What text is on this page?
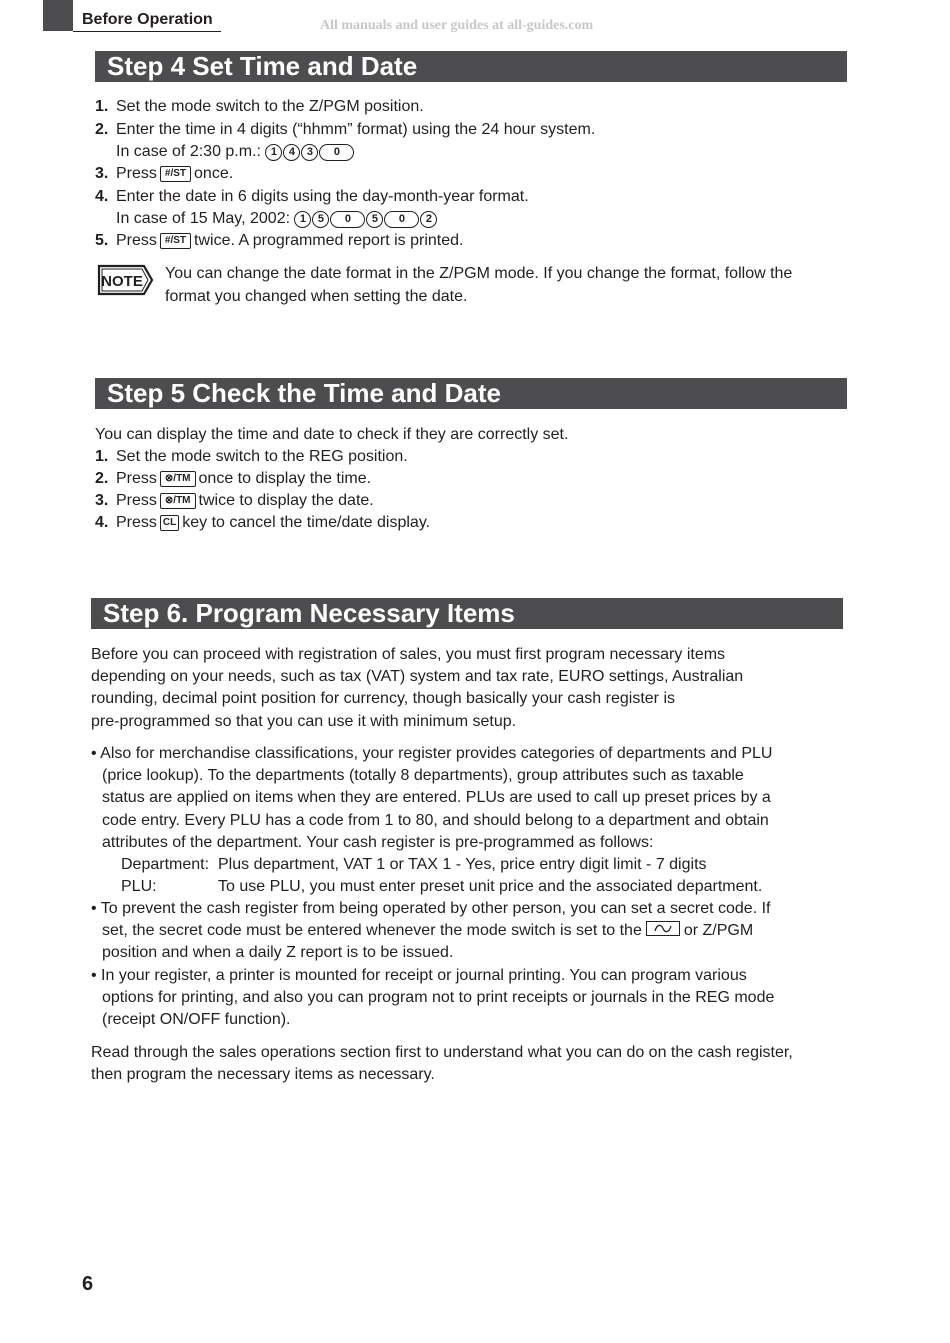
Before Operation	All manuals and user guides at all-guides.com
Step 4 Set Time and Date
1. Set the mode switch to the Z/PGM position.
2. Enter the time in 4 digits (“hhmm” format) using the 24 hour system.
In case of 2:30 p.m.: 1 4 3 0
3. Press #/ST once.
4. Enter the date in 6 digits using the day-month-year format.
In case of 15 May, 2002: 1 5 0 5 0 2
5. Press #/ST twice. A programmed report is printed.
NOTE You can change the date format in the Z/PGM mode. If you change the format, follow the
format you changed when setting the date.
Step 5 Check the Time and Date
You can display the time and date to check if they are correctly set.
1. Set the mode switch to the REG position.
2. Press ⊗/TM once to display the time.
3. Press ⊗/TM twice to display the date.
4. Press CL key to cancel the time/date display.
Step 6. Program Necessary Items
Before you can proceed with registration of sales, you must first program necessary items
depending on your needs, such as tax (VAT) system and tax rate, EURO settings, Australian
rounding, decimal point position for currency, though basically your cash register is
pre-programmed so that you can use it with minimum setup.
• Also for merchandise classifications, your register provides categories of departments and PLU
(price lookup). To the departments (totally 8 departments), group attributes such as taxable
status are applied on items when they are entered. PLUs are used to call up preset prices by a
code entry. Every PLU has a code from 1 to 80, and should belong to a department and obtain
attributes of the department. Your cash register is pre-programmed as follows:
Department: Plus department, VAT 1 or TAX 1 - Yes, price entry digit limit - 7 digits
PLU:	To use PLU, you must enter preset unit price and the associated department.
• To prevent the cash register from being operated by other person, you can set a secret code. If
set, the secret code must be entered whenever the mode switch is set to the	or Z/PGM
position and when a daily Z report is to be issued.
• In your register, a printer is mounted for receipt or journal printing. You can program various
options for printing, and also you can program not to print receipts or journals in the REG mode
(receipt ON/OFF function).
Read through the sales operations section first to understand what you can do on the cash register,
then program the necessary items as necessary.
6
